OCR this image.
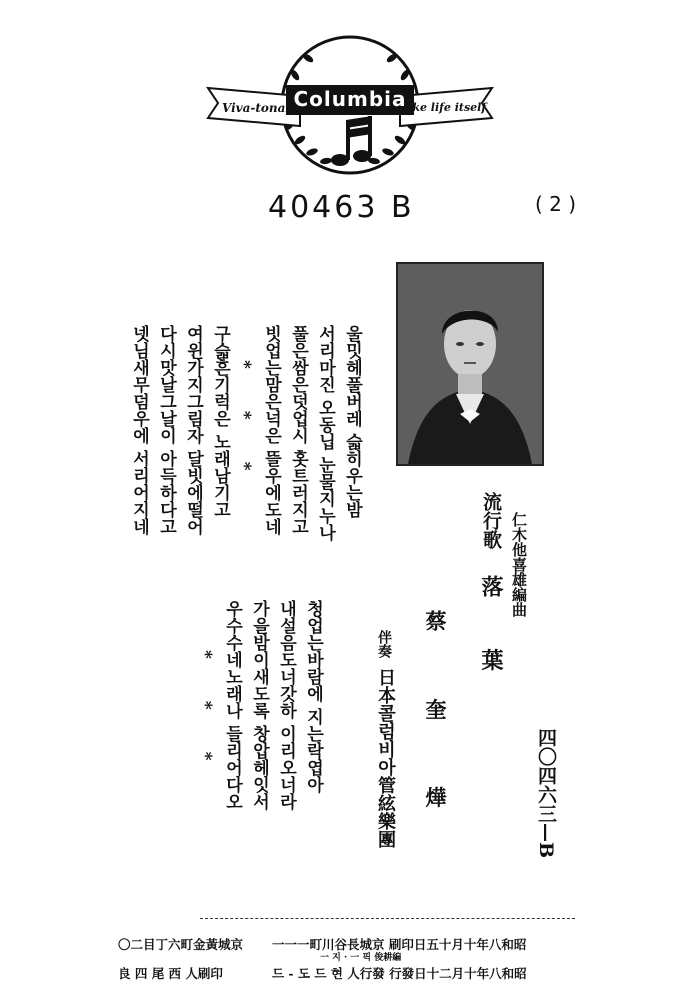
Columbia
Viva-tonal	like life itself
40463 B	( 2 )
울밋헤풀버레 슯히우는밤
서리마진 오동닙 눈물지누나
풀은쌈은덧업시 홋트러지고
빗업는맘은넉은 뜰우에도네
* * *
구슯흔기럭은 노래남기고
여윈가지그림자 달빗에떨어
다시맛날그날이 아득하다고
넷님새무덤우에 서리어지네
청업는바람에 지는락엽아
내설음도너갓하 이리오너라
가을밤이새도록 창압헤잇서
우수수네노래나 들리어다오
* * *
流行歌
落 葉
仁木他喜雄編曲
蔡 奎 燁
伴奏
日本콜럼비아管絃樂團	四〇四六三—B
〇二目丁六町金黃城京 一一一町川谷長城京 刷印日五十月十年八和昭
一 지 · 一 픽 俊耕編
良 四 尾 西 人刷印	드 - 도 드 현 人行發 行發日十二月十年八和昭
